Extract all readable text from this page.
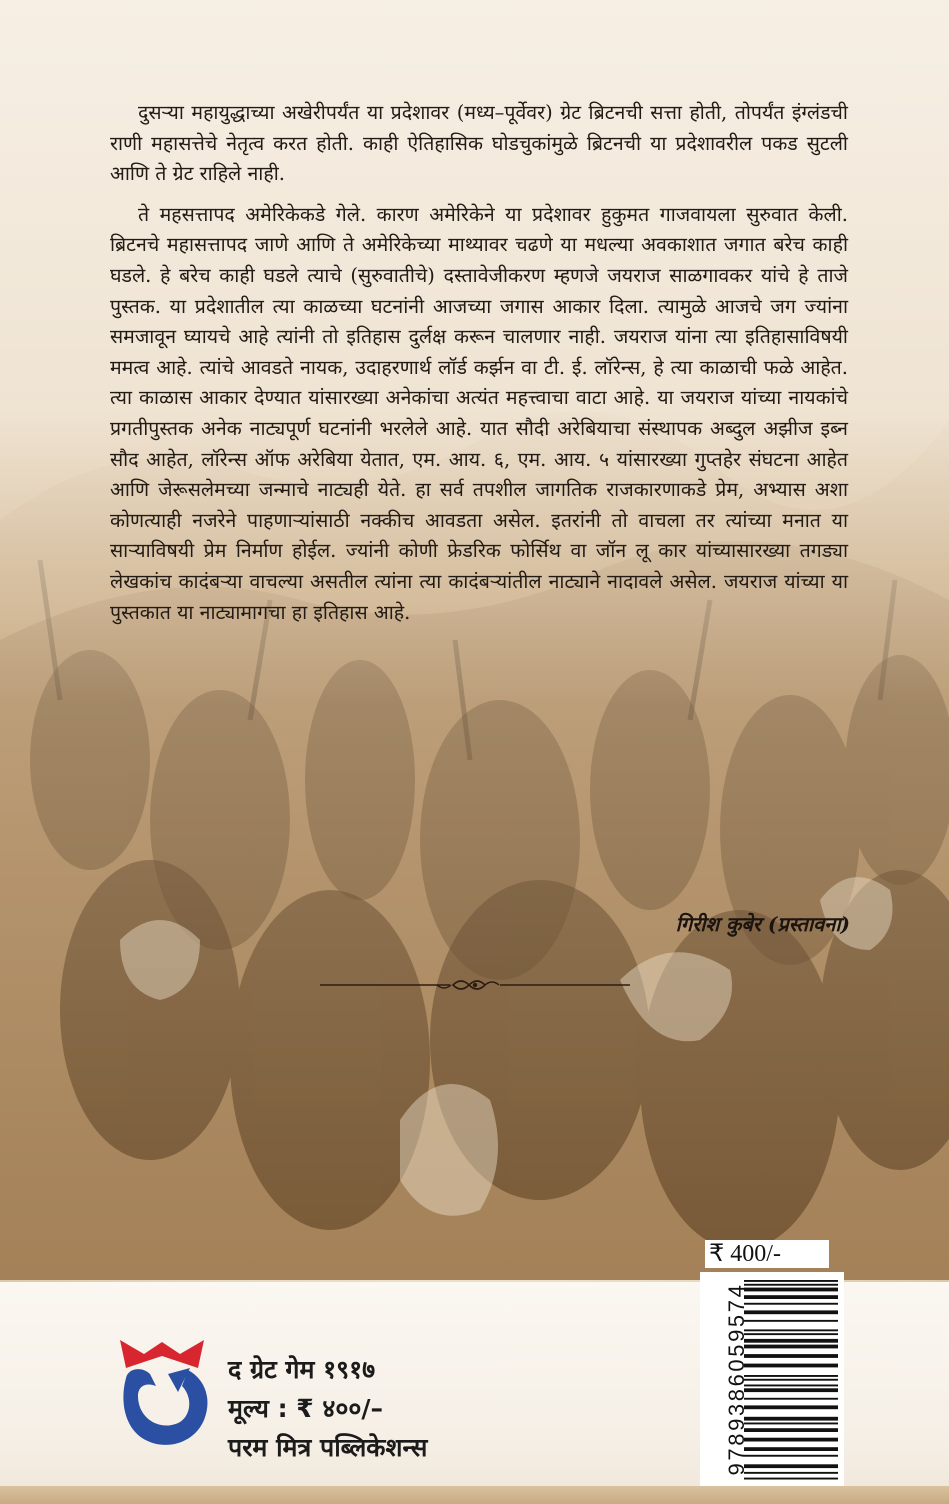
दुसऱ्या महायुद्धाच्या अखेरीपर्यंत या प्रदेशावर (मध्य–पूर्वेवर) ग्रेट ब्रिटनची सत्ता होती, तोपर्यंत इंग्लंडची राणी महासत्तेचे नेतृत्व करत होती. काही ऐतिहासिक घोडचुकांमुळे ब्रिटनची या प्रदेशावरील पकड सुटली आणि ते ग्रेट राहिले नाही.

ते महसत्तापद अमेरिकेकडे गेले. कारण अमेरिकेने या प्रदेशावर हुकुमत गाजवायला सुरुवात केली. ब्रिटनचे महासत्तापद जाणे आणि ते अमेरिकेच्या माथ्यावर चढणे या मधल्या अवकाशात जगात बरेच काही घडले. हे बरेच काही घडले त्याचे (सुरुवातीचे) दस्तावेजीकरण म्हणजे जयराज साळगावकर यांचे हे ताजे पुस्तक. या प्रदेशातील त्या काळच्या घटनांनी आजच्या जगास आकार दिला. त्यामुळे आजचे जग ज्यांना समजावून घ्यायचे आहे त्यांनी तो इतिहास दुर्लक्ष करून चालणार नाही. जयराज यांना त्या इतिहासाविषयी ममत्व आहे. त्यांचे आवडते नायक, उदाहरणार्थ लॉर्ड कर्झन वा टी. ई. लॉरेन्स, हे त्या काळाची फळे आहेत. त्या काळास आकार देण्यात यांसारख्या अनेकांचा अत्यंत महत्त्वाचा वाटा आहे. या जयराज यांच्या नायकांचे प्रगतीपुस्तक अनेक नाट्यपूर्ण घटनांनी भरलेले आहे. यात सौदी अरेबियाचा संस्थापक अब्दुल अझीज इब्न सौद आहेत, लॉरेन्स ऑफ अरेबिया येतात, एम. आय. ६, एम. आय. ५ यांसारख्या गुप्तहेर संघटना आहेत आणि जेरूसलेमच्या जन्माचे नाट्यही येते. हा सर्व तपशील जागतिक राजकारणाकडे प्रेम, अभ्यास अशा कोणत्याही नजरेने पाहणाऱ्यांसाठी नक्कीच आवडता असेल. इतरांनी तो वाचला तर त्यांच्या मनात या साऱ्याविषयी प्रेम निर्माण होईल. ज्यांनी कोणी फ्रेडरिक फोर्सिथ वा जॉन लू कार यांच्यासारख्या तगड्या लेखकांच कादंबऱ्या वाचल्या असतील त्यांना त्या कादंबऱ्यांतील नाट्याने नादावले असेल. जयराज यांच्या या पुस्तकात या नाट्यामागचा हा इतिहास आहे.

गिरीश कुबेर (प्रस्तावना)
द ग्रेट गेम १९१७
मूल्य : ₹ ४००/–
परम मित्र पब्लिकेशन्स
₹ 400/-
9789386059574
